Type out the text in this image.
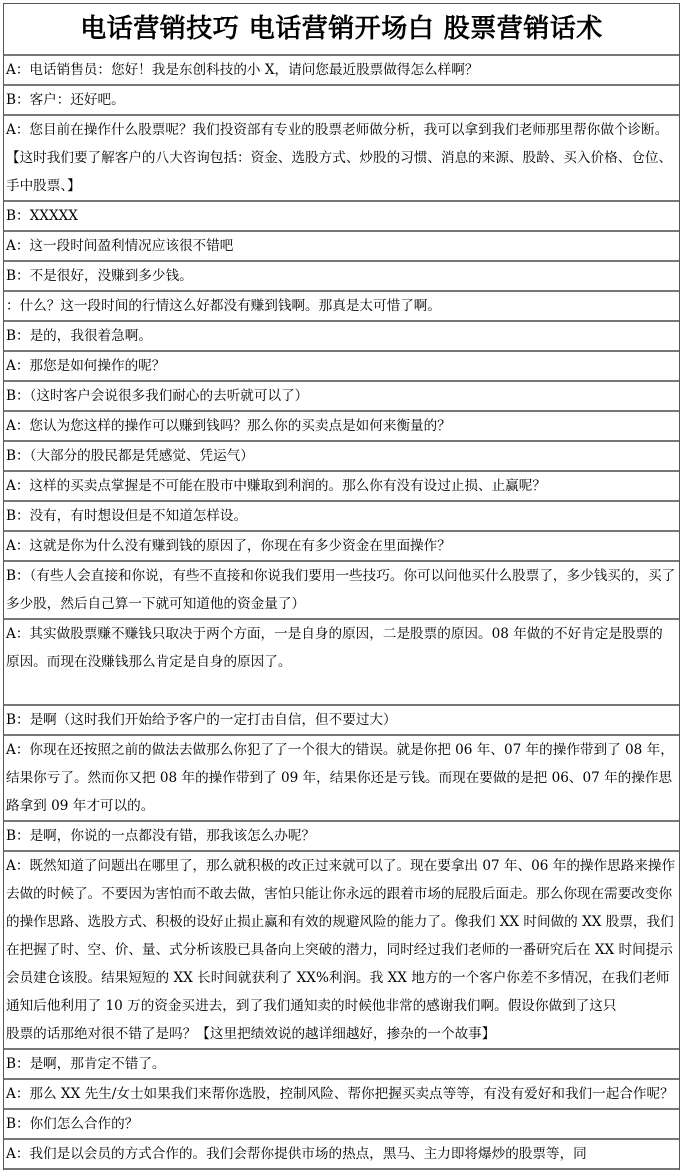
电话营销技巧 电话营销开场白 股票营销话术

A：电话销售员：您好！我是东创科技的小 X，请问您最近股票做得怎么样啊？

B：客户：还好吧。

A：您目前在操作什么股票呢？我们投资部有专业的股票老师做分析，我可以拿到我们老师那里帮你做个诊断。【这时我们要了解客户的八大咨询包括：资金、选股方式、炒股的习惯、消息的来源、股龄、买入价格、仓位、手中股票、】

B：XXXXX

A：这一段时间盈利情况应该很不错吧

B：不是很好，没赚到多少钱。

：什么？这一段时间的行情这么好都没有赚到钱啊。那真是太可惜了啊。

B：是的，我很着急啊。

A：那您是如何操作的呢？

B：（这时客户会说很多我们耐心的去听就可以了）

A：您认为您这样的操作可以赚到钱吗？那么你的买卖点是如何来衡量的？

B：（大部分的股民都是凭感觉、凭运气）

A：这样的买卖点掌握是不可能在股市中赚取到利润的。那么你有没有设过止损、止赢呢？

B：没有，有时想设但是不知道怎样设。

A：这就是你为什么没有赚到钱的原因了，你现在有多少资金在里面操作？

B：（有些人会直接和你说，有些不直接和你说我们要用一些技巧。你可以问他买什么股票了，多少钱买的，买了多少股，然后自己算一下就可知道他的资金量了）

A：其实做股票赚不赚钱只取决于两个方面，一是自身的原因，二是股票的原因。08 年做的不好肯定是股票的原因。而现在没赚钱那么肯定是自身的原因了。

B：是啊（这时我们开始给予客户的一定打击自信，但不要过大）

A：你现在还按照之前的做法去做那么你犯了了一个很大的错误。就是你把 06 年、07 年的操作带到了 08 年，结果你亏了。然而你又把 08 年的操作带到了 09 年，结果你还是亏钱。而现在要做的是把 06、07 年的操作思路拿到 09 年才可以的。

B：是啊，你说的一点都没有错，那我该怎么办呢？

A：既然知道了问题出在哪里了，那么就积极的改正过来就可以了。现在要拿出 07 年、06 年的操作思路来操作去做的时候了。不要因为害怕而不敢去做，害怕只能让你永远的跟着市场的屁股后面走。那么你现在需要改变你的操作思路、选股方式、积极的设好止损止赢和有效的规避风险的能力了。像我们 XX 时间做的 XX 股票，我们在把握了时、空、价、量、式分析该股已具备向上突破的潜力，同时经过我们老师的一番研究后在 XX 时间提示会员建仓该股。结果短短的 XX 长时间就获利了 XX%利润。我 XX 地方的一个客户你差不多情况，在我们老师通知后他利用了 10 万的资金买进去，到了我们通知卖的时候他非常的感谢我们啊。假设你做到了这只
股票的话那绝对很不错了是吗？【这里把绩效说的越详细越好，掺杂的一个故事】

B：是啊，那肯定不错了。

A：那么 XX 先生/女士如果我们来帮你选股，控制风险、帮你把握买卖点等等，有没有爱好和我们一起合作呢？

B：你们怎么合作的？

A：我们是以会员的方式合作的。我们会帮你提供市场的热点，黑马、主力即将爆炒的股票等，同
